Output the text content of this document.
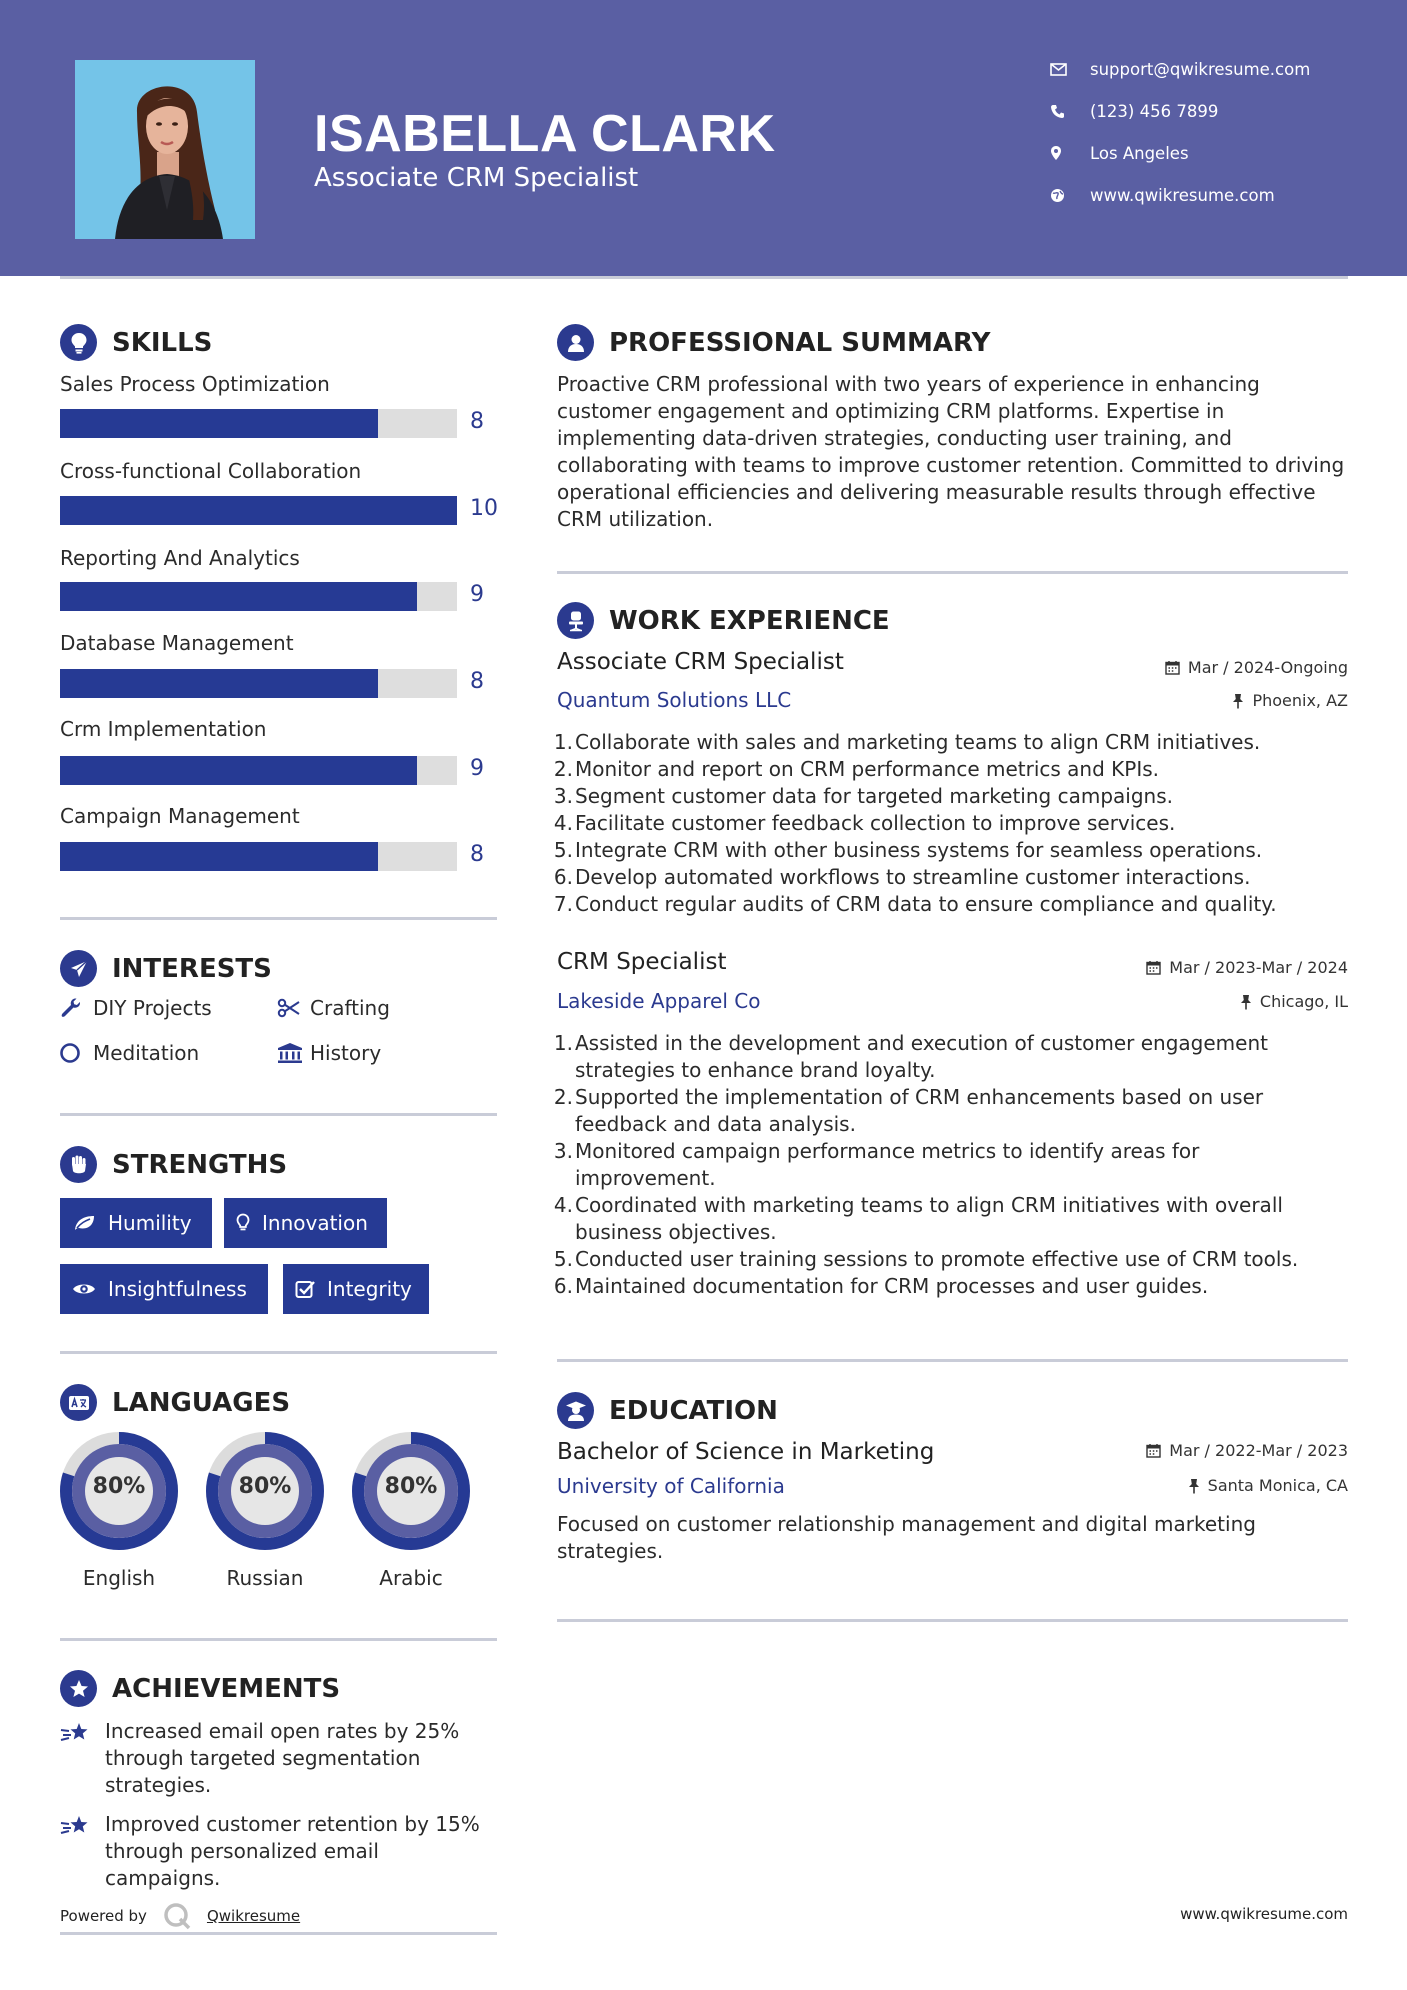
ISABELLA CLARK
Associate CRM Specialist
support@qwikresume.com
(123) 456 7899
Los Angeles
www.qwikresume.com
SKILLS
Sales Process Optimization
8
Cross-functional Collaboration
10
Reporting And Analytics
9
Database Management
8
Crm Implementation
9
Campaign Management
8
INTERESTS
DIY Projects	Crafting
Meditation	History
STRENGTHS
Humility	Innovation
Insightfulness	Integrity
LANGUAGES
80%
English
80%
Russian
80%
Arabic
ACHIEVEMENTS
Increased email open rates by 25% through targeted segmentation strategies.
Improved customer retention by 15% through personalized email campaigns.
PROFESSIONAL SUMMARY
Proactive CRM professional with two years of experience in enhancing customer engagement and optimizing CRM platforms. Expertise in implementing data-driven strategies, conducting user training, and collaborating with teams to improve customer retention. Committed to driving operational efficiencies and delivering measurable results through effective CRM utilization.
WORK EXPERIENCE
Associate CRM Specialist	Mar / 2024-Ongoing
Quantum Solutions LLC	Phoenix, AZ
1. Collaborate with sales and marketing teams to align CRM initiatives.
2. Monitor and report on CRM performance metrics and KPIs.
3. Segment customer data for targeted marketing campaigns.
4. Facilitate customer feedback collection to improve services.
5. Integrate CRM with other business systems for seamless operations.
6. Develop automated workflows to streamline customer interactions.
7. Conduct regular audits of CRM data to ensure compliance and quality.
CRM Specialist	Mar / 2023-Mar / 2024
Lakeside Apparel Co	Chicago, IL
1. Assisted in the development and execution of customer engagement strategies to enhance brand loyalty.
2. Supported the implementation of CRM enhancements based on user feedback and data analysis.
3. Monitored campaign performance metrics to identify areas for improvement.
4. Coordinated with marketing teams to align CRM initiatives with overall business objectives.
5. Conducted user training sessions to promote effective use of CRM tools.
6. Maintained documentation for CRM processes and user guides.
EDUCATION
Bachelor of Science in Marketing	Mar / 2022-Mar / 2023
University of California	Santa Monica, CA
Focused on customer relationship management and digital marketing strategies.
Powered by	Qwikresume	www.qwikresume.com
